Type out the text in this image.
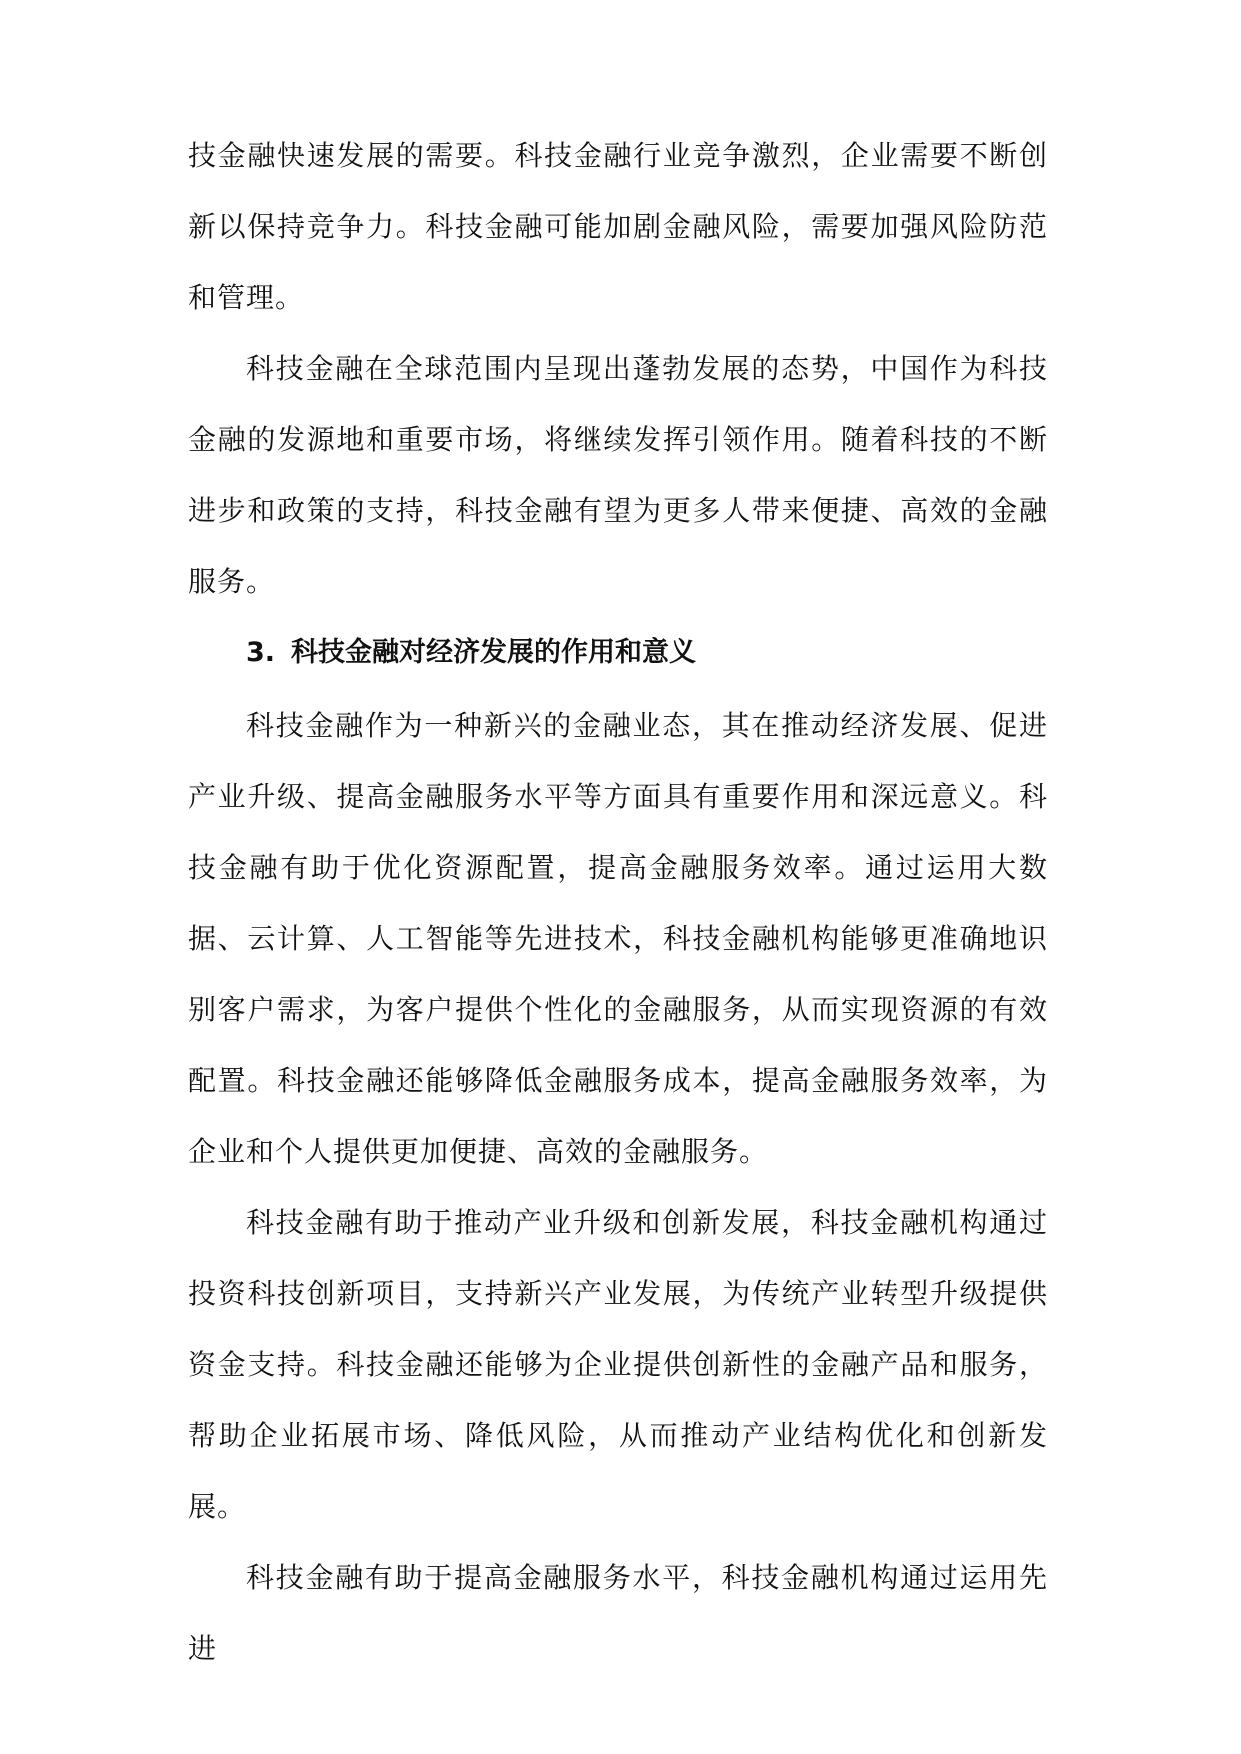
技金融快速发展的需要。科技金融行业竞争激烈，企业需要不断创新以保持竞争力。科技金融可能加剧金融风险，需要加强风险防范和管理。

科技金融在全球范围内呈现出蓬勃发展的态势，中国作为科技金融的发源地和重要市场，将继续发挥引领作用。随着科技的不断进步和政策的支持，科技金融有望为更多人带来便捷、高效的金融服务。

3. 科技金融对经济发展的作用和意义

科技金融作为一种新兴的金融业态，其在推动经济发展、促进产业升级、提高金融服务水平等方面具有重要作用和深远意义。科技金融有助于优化资源配置，提高金融服务效率。通过运用大数据、云计算、人工智能等先进技术，科技金融机构能够更准确地识别客户需求，为客户提供个性化的金融服务，从而实现资源的有效配置。科技金融还能够降低金融服务成本，提高金融服务效率，为企业和个人提供更加便捷、高效的金融服务。

科技金融有助于推动产业升级和创新发展，科技金融机构通过投资科技创新项目，支持新兴产业发展，为传统产业转型升级提供资金支持。科技金融还能够为企业提供创新性的金融产品和服务，帮助企业拓展市场、降低风险，从而推动产业结构优化和创新发展。

科技金融有助于提高金融服务水平，科技金融机构通过运用先进
